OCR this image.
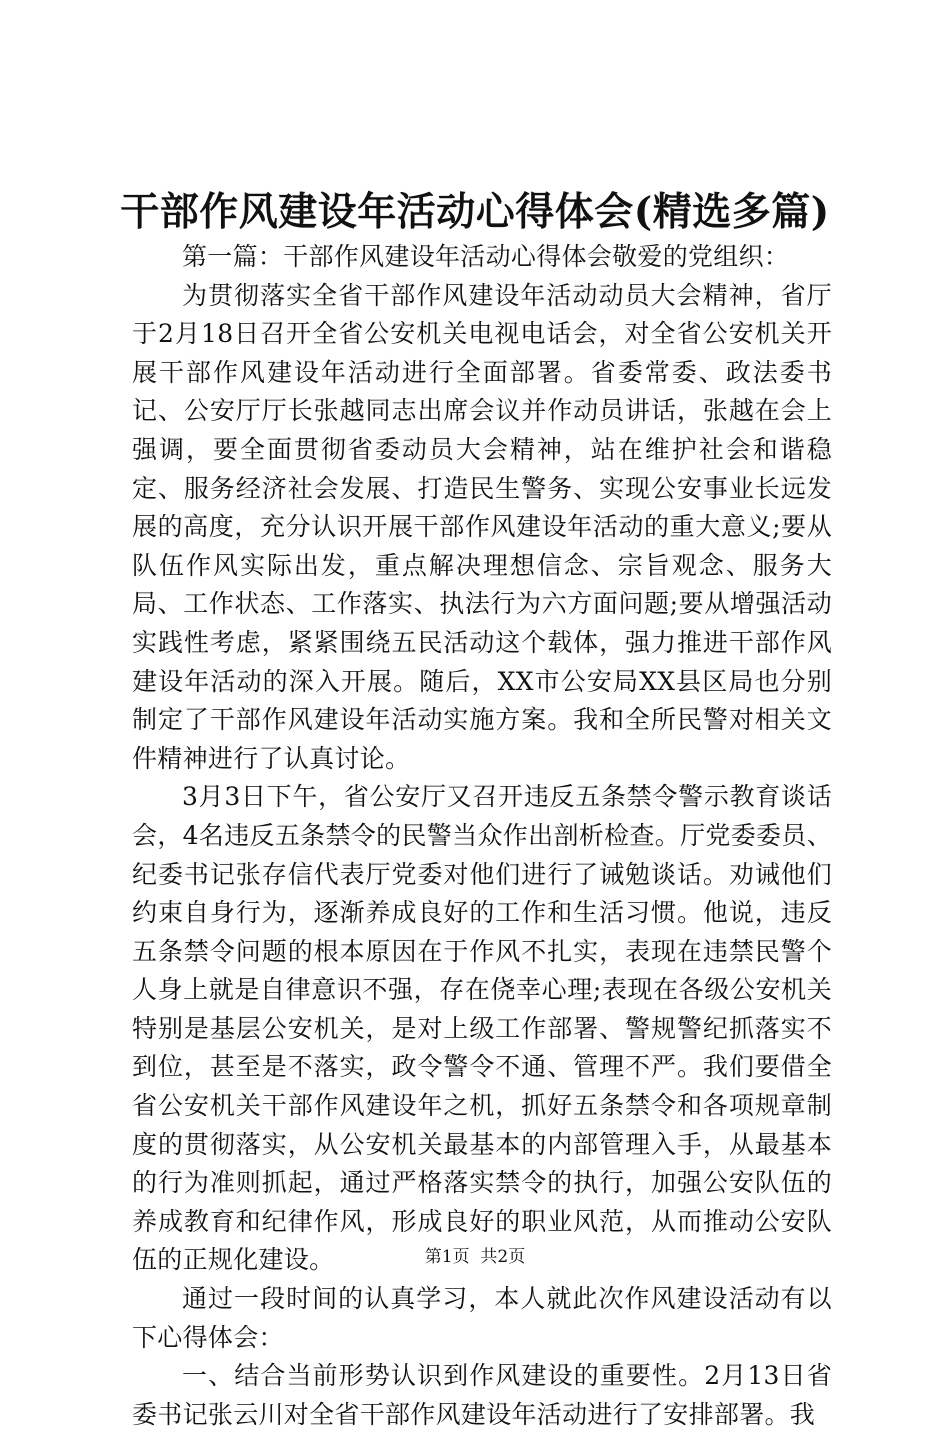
干部作风建设年活动心得体会(精选多篇)

第一篇：干部作风建设年活动心得体会敬爱的党组织：

为贯彻落实全省干部作风建设年活动动员大会精神，省厅于2月18日召开全省公安机关电视电话会，对全省公安机关开展干部作风建设年活动进行全面部署。省委常委、政法委书记、公安厅厅长张越同志出席会议并作动员讲话，张越在会上强调，要全面贯彻省委动员大会精神，站在维护社会和谐稳定、服务经济社会发展、打造民生警务、实现公安事业长远发展的高度，充分认识开展干部作风建设年活动的重大意义;要从队伍作风实际出发，重点解决理想信念、宗旨观念、服务大局、工作状态、工作落实、执法行为六方面问题;要从增强活动实践性考虑，紧紧围绕五民活动这个载体，强力推进干部作风建设年活动的深入开展。随后，XX市公安局XX县区局也分别制定了干部作风建设年活动实施方案。我和全所民警对相关文件精神进行了认真讨论。

3月3日下午，省公安厅又召开违反五条禁令警示教育谈话会，4名违反五条禁令的民警当众作出剖析检查。厅党委委员、纪委书记张存信代表厅党委对他们进行了诫勉谈话。劝诫他们约束自身行为，逐渐养成良好的工作和生活习惯。他说，违反五条禁令问题的根本原因在于作风不扎实，表现在违禁民警个人身上就是自律意识不强，存在侥幸心理;表现在各级公安机关特别是基层公安机关，是对上级工作部署、警规警纪抓落实不到位，甚至是不落实，政令警令不通、管理不严。我们要借全省公安机关干部作风建设年之机，抓好五条禁令和各项规章制度的贯彻落实，从公安机关最基本的内部管理入手，从最基本的行为准则抓起，通过严格落实禁令的执行，加强公安队伍的养成教育和纪律作风，形成良好的职业风范，从而推动公安队伍的正规化建设。

通过一段时间的认真学习，本人就此次作风建设活动有以下心得体会：

一、结合当前形势认识到作风建设的重要性。2月13日省委书记张云川对全省干部作风建设年活动进行了安排部署。我

第1页  共2页
